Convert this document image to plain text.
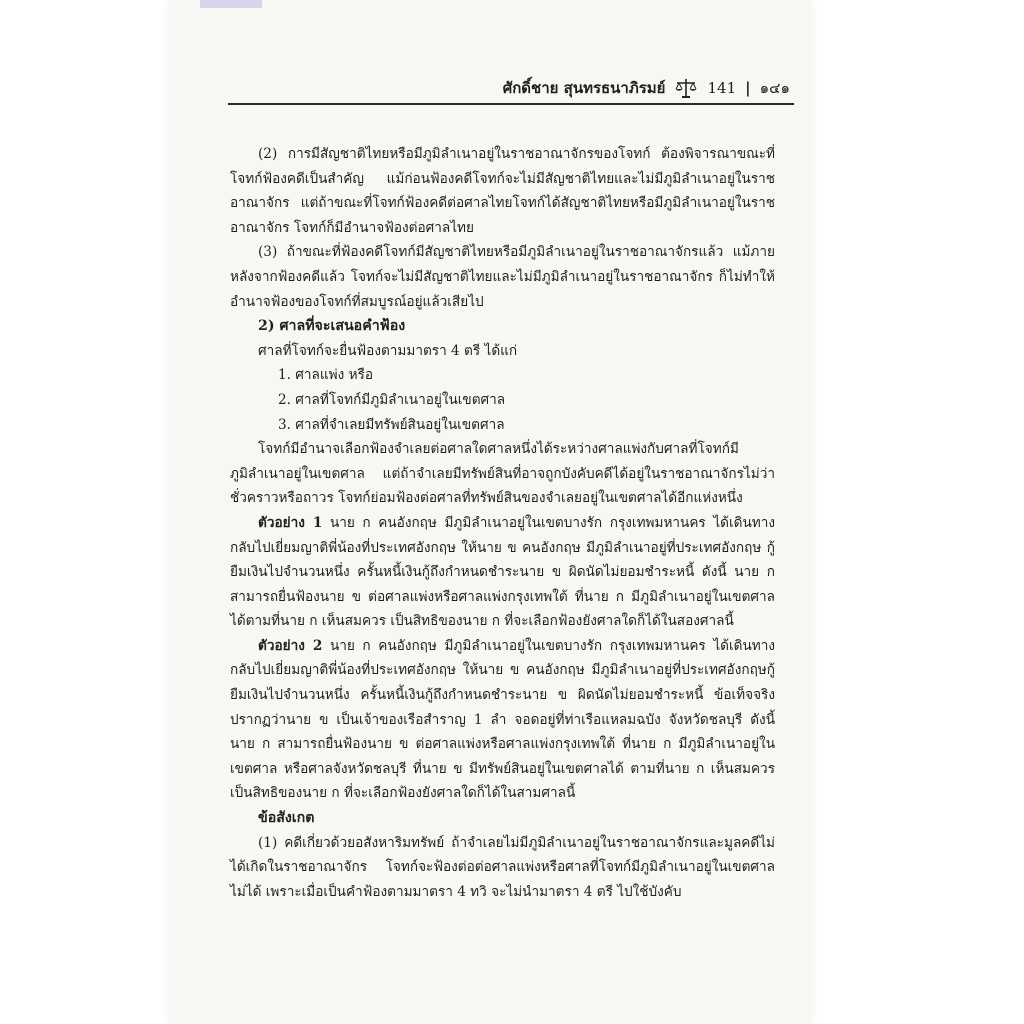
ศักดิ์ชาย สุนทรธนาภิรมย์	141 | ๑๔๑

(2) การมีสัญชาติไทยหรือมีภูมิลำเนาอยู่ในราชอาณาจักรของโจทก์ ต้องพิจารณาขณะที่โจทก์ฟ้องคดีเป็นสำคัญ แม้ก่อนฟ้องคดีโจทก์จะไม่มีสัญชาติไทยและไม่มีภูมิลำเนาอยู่ในราชอาณาจักร แต่ถ้าขณะที่โจทก์ฟ้องคดีต่อศาลไทยโจทก์ได้สัญชาติไทยหรือมีภูมิลำเนาอยู่ในราชอาณาจักร โจทก์ก็มีอำนาจฟ้องต่อศาลไทย

(3) ถ้าขณะที่ฟ้องคดีโจทก์มีสัญชาติไทยหรือมีภูมิลำเนาอยู่ในราชอาณาจักรแล้ว แม้ภายหลังจากฟ้องคดีแล้ว โจทก์จะไม่มีสัญชาติไทยและไม่มีภูมิลำเนาอยู่ในราชอาณาจักร ก็ไม่ทำให้อำนาจฟ้องของโจทก์ที่สมบูรณ์อยู่แล้วเสียไป

2) ศาลที่จะเสนอคำฟ้อง

ศาลที่โจทก์จะยื่นฟ้องตามมาตรา 4 ตรี ได้แก่

1. ศาลแพ่ง หรือ

2. ศาลที่โจทก์มีภูมิลำเนาอยู่ในเขตศาล

3. ศาลที่จำเลยมีทรัพย์สินอยู่ในเขตศาล

โจทก์มีอำนาจเลือกฟ้องจำเลยต่อศาลใดศาลหนึ่งได้ระหว่างศาลแพ่งกับศาลที่โจทก์มีภูมิลำเนาอยู่ในเขตศาล แต่ถ้าจำเลยมีทรัพย์สินที่อาจถูกบังคับคดีได้อยู่ในราชอาณาจักรไม่ว่าชั่วคราวหรือถาวร โจทก์ย่อมฟ้องต่อศาลที่ทรัพย์สินของจำเลยอยู่ในเขตศาลได้อีกแห่งหนึ่ง

ตัวอย่าง 1 นาย ก คนอังกฤษ มีภูมิลำเนาอยู่ในเขตบางรัก กรุงเทพมหานคร ได้เดินทางกลับไปเยี่ยมญาติพี่น้องที่ประเทศอังกฤษ ให้นาย ข คนอังกฤษ มีภูมิลำเนาอยู่ที่ประเทศอังกฤษ กู้ยืมเงินไปจำนวนหนึ่ง ครั้นหนี้เงินกู้ถึงกำหนดชำระนาย ข ผิดนัดไม่ยอมชำระหนี้ ดังนี้ นาย ก สามารถยื่นฟ้องนาย ข ต่อศาลแพ่งหรือศาลแพ่งกรุงเทพใต้ ที่นาย ก มีภูมิลำเนาอยู่ในเขตศาลได้ตามที่นาย ก เห็นสมควร เป็นสิทธิของนาย ก ที่จะเลือกฟ้องยังศาลใดก็ได้ในสองศาลนี้

ตัวอย่าง 2 นาย ก คนอังกฤษ มีภูมิลำเนาอยู่ในเขตบางรัก กรุงเทพมหานคร ได้เดินทางกลับไปเยี่ยมญาติพี่น้องที่ประเทศอังกฤษ ให้นาย ข คนอังกฤษ มีภูมิลำเนาอยู่ที่ประเทศอังกฤษกู้ยืมเงินไปจำนวนหนึ่ง ครั้นหนี้เงินกู้ถึงกำหนดชำระนาย ข ผิดนัดไม่ยอมชำระหนี้ ข้อเท็จจริงปรากฏว่านาย ข เป็นเจ้าของเรือสำราญ 1 ลำ จอดอยู่ที่ท่าเรือแหลมฉบัง จังหวัดชลบุรี ดังนี้ นาย ก สามารถยื่นฟ้องนาย ข ต่อศาลแพ่งหรือศาลแพ่งกรุงเทพใต้ ที่นาย ก มีภูมิลำเนาอยู่ในเขตศาล หรือศาลจังหวัดชลบุรี ที่นาย ข มีทรัพย์สินอยู่ในเขตศาลได้ ตามที่นาย ก เห็นสมควร เป็นสิทธิของนาย ก ที่จะเลือกฟ้องยังศาลใดก็ได้ในสามศาลนี้

ข้อสังเกต

(1) คดีเกี่ยวด้วยอสังหาริมทรัพย์ ถ้าจำเลยไม่มีภูมิลำเนาอยู่ในราชอาณาจักรและมูลคดีไม่ได้เกิดในราชอาณาจักร โจทก์จะฟ้องต่อต่อศาลแพ่งหรือศาลที่โจทก์มีภูมิลำเนาอยู่ในเขตศาลไม่ได้ เพราะเมื่อเป็นคำฟ้องตามมาตรา 4 ทวิ จะไม่นำมาตรา 4 ตรี ไปใช้บังคับ
